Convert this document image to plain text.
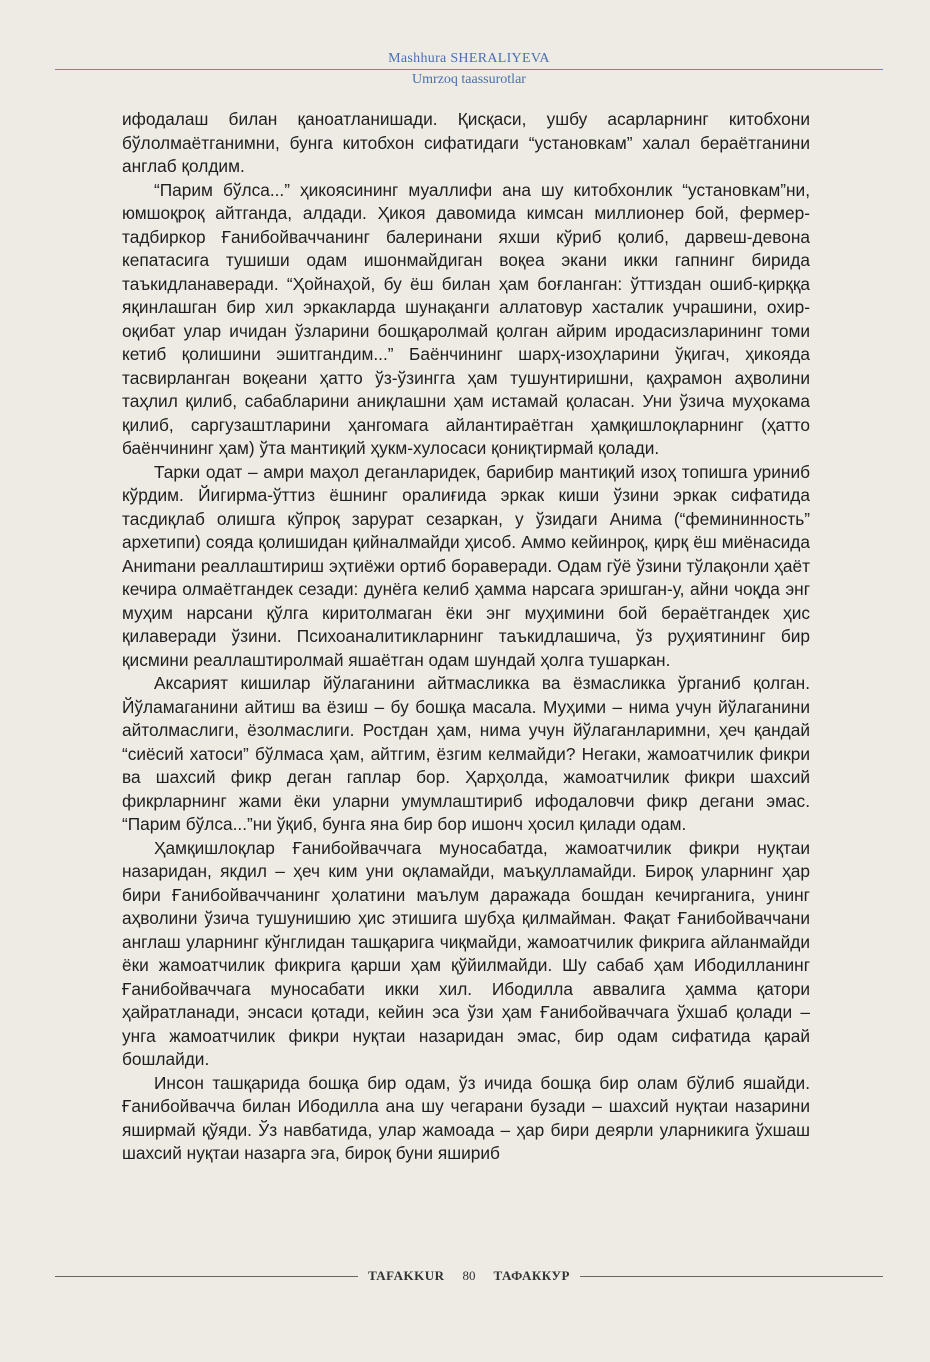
Mashhura SHERALIYEVA
Umrzoq taassurotlar

ифодалаш билан қаноатланишади. Қисқаси, ушбу асарларнинг китобхони бўлолмаётганимни, бунга китобхон сифатидаги “установкам” халал бераётганини англаб қолдим.

“Парим бўлса...” ҳикоясининг муаллифи ана шу китобхонлик “установкам”ни, юмшоқроқ айтганда, алдади. Ҳикоя давомида кимсан миллионер бой, фермер-тадбиркор Ғанибойваччанинг балеринани яхши кўриб қолиб, дарвеш-девона кепатасига тушиши одам ишонмайдиган воқеа экани икки гапнинг бирида таъкидланаверади. “Ҳойнаҳой, бу ёш билан ҳам боғланган: ўттиздан ошиб-қирққа яқинлашган бир хил эркакларда шунақанги аллатовур хасталик учрашини, охир-оқибат улар ичидан ўзларини бошқаролмай қолган айрим иродасизларининг томи кетиб қолишини эшитгандим...” Баёнчининг шарҳ-изоҳларини ўқигач, ҳикояда тасвирланган воқеани ҳатто ўз-ўзингга ҳам тушунтиришни, қаҳрамон аҳволини таҳлил қилиб, сабабларини аниқлашни ҳам истамай қоласан. Уни ўзича муҳокама қилиб, саргузаштларини ҳангомага айлантираётган ҳамқишлоқларнинг (ҳатто баёнчининг ҳам) ўта мантиқий ҳукм-хулосаси қониқтирмай қолади.

Тарки одат – амри маҳол деганларидек, барибир мантиқий изоҳ топишга уриниб кўрдим. Йигирма-ўттиз ёшнинг оралиғида эркак киши ўзини эркак сифатида тасдиқлаб олишга кўпроқ зарурат сезаркан, у ўзидаги Анима (“фемининность” архетипи) сояда қолишидан қийналмайди ҳисоб. Аммо кейинроқ, қирқ ёш миёнасида Аниmaни реаллаштириш эҳтиёжи ортиб бораверади. Одам гўё ўзини тўлақонли ҳаёт кечира олмаётгандек сезади: дунёга келиб ҳамма нарсага эришган-у, айни чоқда энг муҳим нарсани қўлга киритолмаган ёки энг муҳимини бой бераётгандек ҳис қилаверади ўзини. Психоаналитикларнинг таъкидлашича, ўз руҳиятининг бир қисмини реаллаштиролмай яшаётган одам шундай ҳолга тушаркан.

Аксарият кишилар йўлаганини айтмасликка ва ёзмасликка ўрганиб қолган. Йўламаганини айтиш ва ёзиш – бу бошқа масала. Муҳими – нима учун йўлаганини айтолмаслиги, ёзолмаслиги. Ростдан ҳам, нима учун йўлаганларимни, ҳеч қандай “сиёсий хатоси” бўлмаса ҳам, айтгим, ёзгим келмайди? Негаки, жамоатчилик фикри ва шахсий фикр деган гаплар бор. Ҳарҳолда, жамоатчилик фикри шахсий фикрларнинг жами ёки уларни умумлаштириб ифодаловчи фикр дегани эмас. “Парим бўлса...”ни ўқиб, бунга яна бир бор ишонч ҳосил қилади одам.

Ҳамқишлоқлар Ғанибойваччага муносабатда, жамоатчилик фикри нуқтаи назаридан, якдил – ҳеч ким уни оқламайди, маъқулламайди. Бироқ уларнинг ҳар бири Ғанибойваччанинг ҳолатини маълум даражада бошдан кечирганига, унинг аҳволини ўзича тушунишию ҳис этишига шубҳа қилмайман. Фақат Ғанибойваччани англаш уларнинг кўнглидан ташқарига чиқмайди, жамоатчилик фикрига айланмайди ёки жамоатчилик фикрига қарши ҳам қўйилмайди. Шу сабаб ҳам Ибодилланинг Ғанибойваччага муносабати икки хил. Ибодилла аввалига ҳамма қатори ҳайратланади, энсаси қотади, кейин эса ўзи ҳам Ғанибойваччага ўхшаб қолади – унга жамоатчилик фикри нуқтаи назаридан эмас, бир одам сифатида қарай бошлайди.

Инсон ташқарида бошқа бир одам, ўз ичида бошқа бир олам бўлиб яшайди. Ғанибойвачча билан Ибодилла ана шу чегарани бузади – шахсий нуқтаи назарини яширмай қўяди. Ўз навбатида, улар жамоада – ҳар бири деярли уларникига ўхшаш шахсий нуқтаи назарга эга, бироқ буни яшириб

TAFAKKUR	80	ТАФАККУР
